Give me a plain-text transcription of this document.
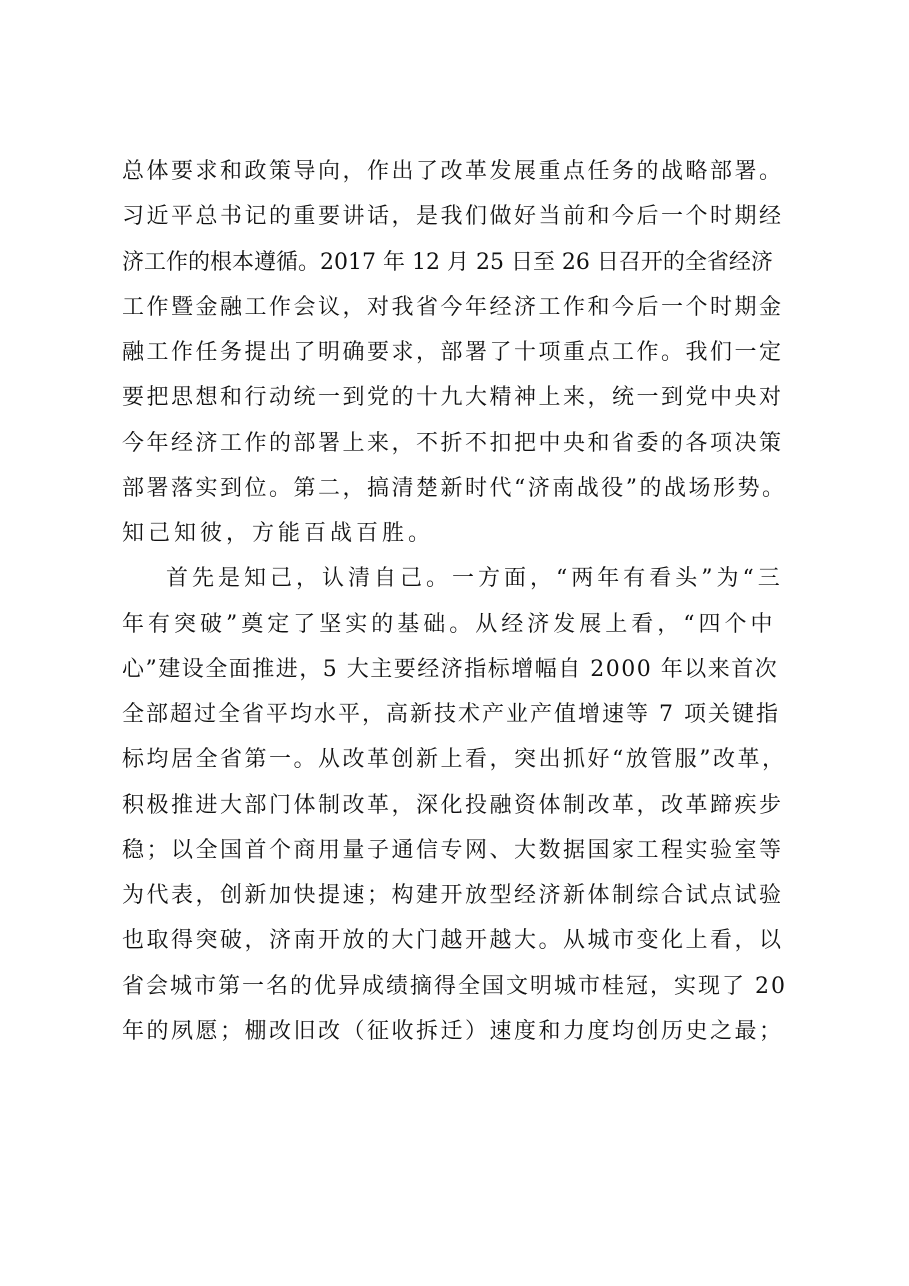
总体要求和政策导向，作出了改革发展重点任务的战略部署。
习近平总书记的重要讲话，是我们做好当前和今后一个时期经
济工作的根本遵循。2017 年 12 月 25 日至 26 日召开的全省经济
工作暨金融工作会议，对我省今年经济工作和今后一个时期金
融工作任务提出了明确要求，部署了十项重点工作。我们一定
要把思想和行动统一到党的十九大精神上来，统一到党中央对
今年经济工作的部署上来，不折不扣把中央和省委的各项决策
部署落实到位。第二，搞清楚新时代“济南战役”的战场形势。
知己知彼，方能百战百胜。
首先是知己，认清自己。一方面，“两年有看头”为“三
年有突破”奠定了坚实的基础。从经济发展上看，“四个中
心”建设全面推进，5 大主要经济指标增幅自 2000 年以来首次
全部超过全省平均水平，高新技术产业产值增速等 7 项关键指
标均居全省第一。从改革创新上看，突出抓好“放管服”改革，
积极推进大部门体制改革，深化投融资体制改革，改革蹄疾步
稳；以全国首个商用量子通信专网、大数据国家工程实验室等
为代表，创新加快提速；构建开放型经济新体制综合试点试验
也取得突破，济南开放的大门越开越大。从城市变化上看，以
省会城市第一名的优异成绩摘得全国文明城市桂冠，实现了 20
年的夙愿；棚改旧改（征收拆迁）速度和力度均创历史之最；
